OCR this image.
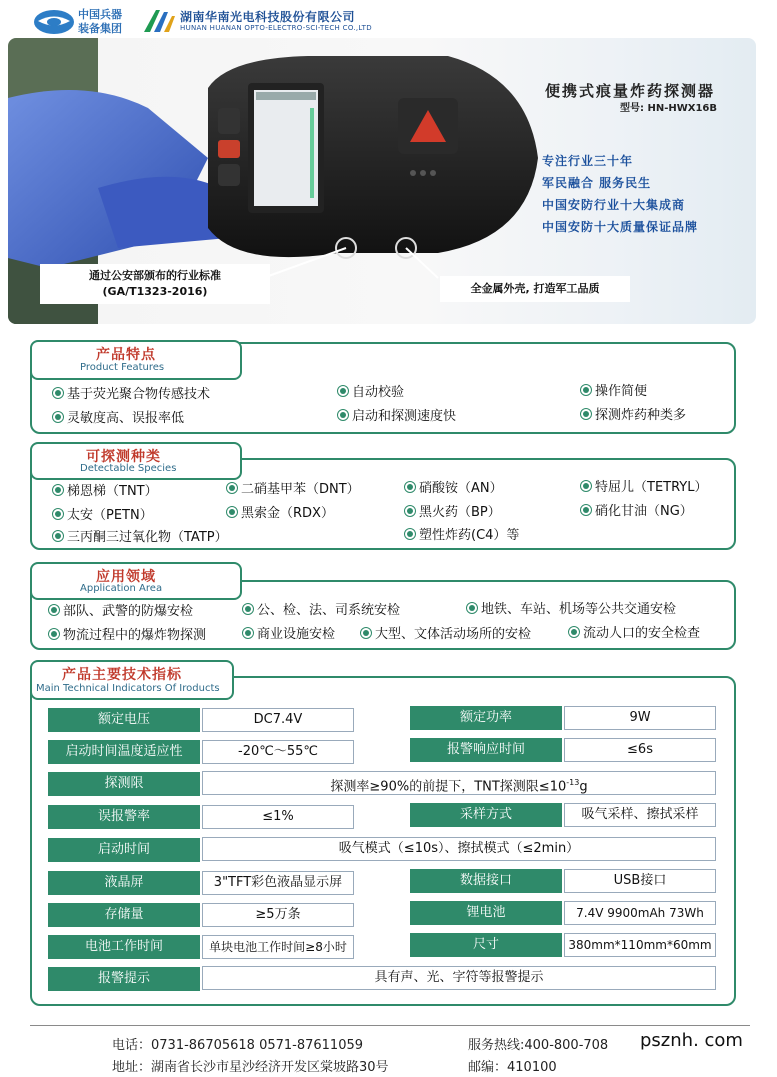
中国兵器
装备集团
湖南华南光电科技股份有限公司
HUNAN HUANAN OPTO-ELECTRO-SCI-TECH CO.,LTD
通过公安部颁布的行业标准
(GA/T1323-2016)	全金属外壳, 打造军工品质
便携式痕量炸药探测器
型号: HN-HWX16B
专注行业三十年
军民融合 服务民生
中国安防行业十大集成商
中国安防十大质量保证品牌
产品特点
Product Features
基于荧光聚合物传感技术	自动校验	操作简便
灵敏度高、误报率低	启动和探测速度快	探测炸药种类多
可探测种类
Detectable Species
梯恩梯（TNT）	二硝基甲苯（DNT）	硝酸铵（AN）	特屈儿（TETRYL）
太安（PETN）	黑索金（RDX）	黑火药（BP）	硝化甘油（NG）
三丙酮三过氧化物（TATP）	塑性炸药(C4）等
应用领域
Application Area
部队、武警的防爆安检	公、检、法、司系统安检	地铁、车站、机场等公共交通安检
物流过程中的爆炸物探测	商业设施安检	大型、文体活动场所的安检	流动人口的安全检查
产品主要技术指标
Main Technical Indicators Of Iroducts
额定电压	DC7.4V	额定功率	9W
启动时间温度适应性	-20℃～55℃	报警响应时间	≤6s
探测限	探测率≥90%的前提下，TNT探测限$\le 10^{-13}g$
误报警率	≤1%	采样方式	吸气采样、擦拭采样
启动时间	吸气模式（≤10s）、擦拭模式（≤2min）
液晶屏	3"TFT彩色液晶显示屏	数据接口	USB接口
存储量	≥5万条	锂电池	7.4V 9900mAh 73Wh
电池工作时间	单块电池工作时间≥8小时	尺寸	380mm*110mm*60mm
报警提示	具有声、光、字符等报警提示
电话：0731-86705618 0571-87611059	服务热线:400-800-708
地址：湖南省长沙市星沙经济开发区棠坡路30号	邮编：410100
psznh. com
